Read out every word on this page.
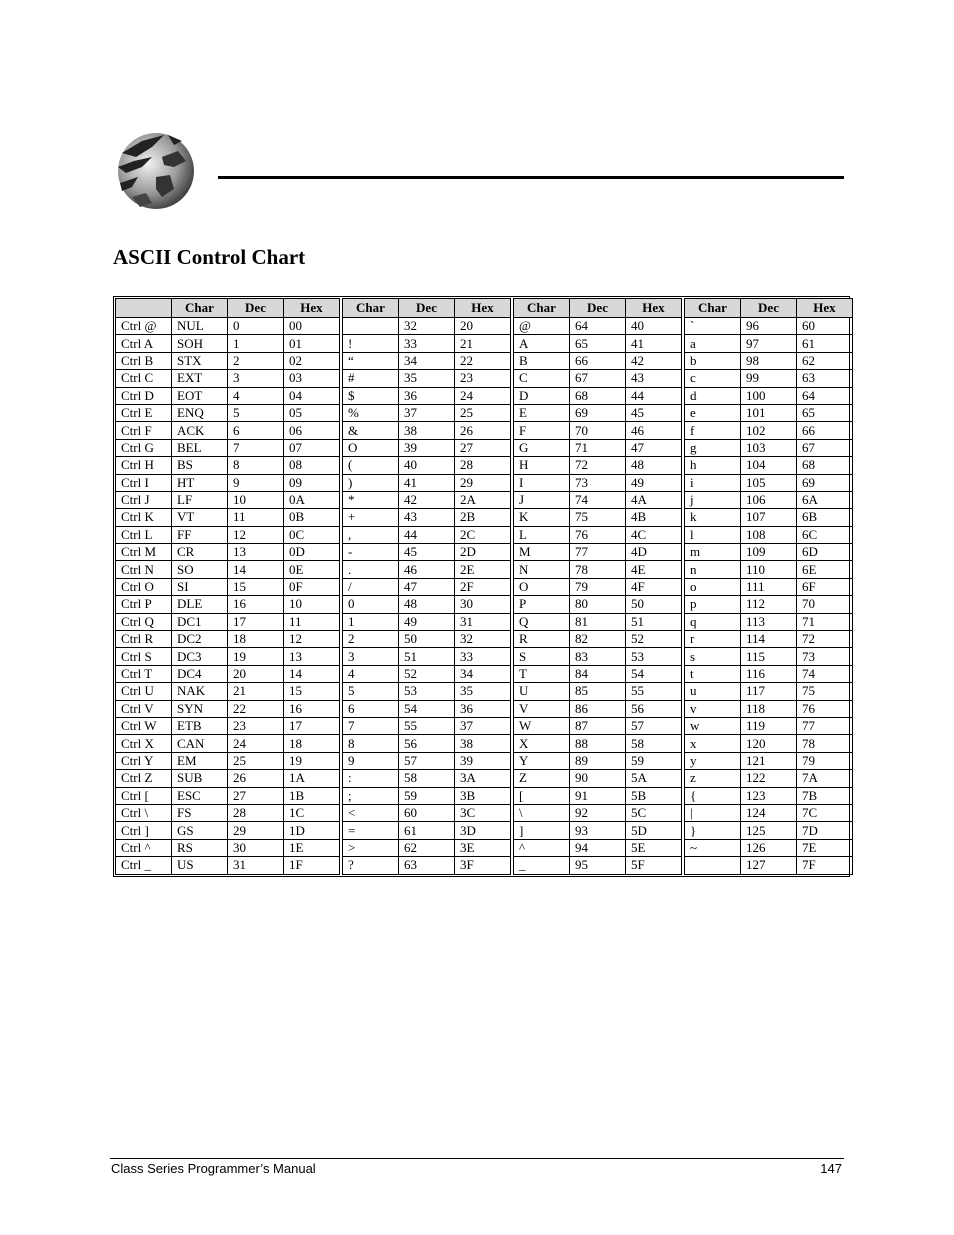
ASCII Control Chart
	Char	Dec	Hex		Char	Dec	Hex		Char	Dec	Hex		Char	Dec	Hex
Ctrl @	NUL	0	00			32	20		@	64	40		`	96	60
Ctrl A	SOH	1	01		!	33	21		A	65	41		a	97	61
Ctrl B	STX	2	02		“	34	22		B	66	42		b	98	62
Ctrl C	EXT	3	03		#	35	23		C	67	43		c	99	63
Ctrl D	EOT	4	04		$	36	24		D	68	44		d	100	64
Ctrl E	ENQ	5	05		%	37	25		E	69	45		e	101	65
Ctrl F	ACK	6	06		&	38	26		F	70	46		f	102	66
Ctrl G	BEL	7	07		O	39	27		G	71	47		g	103	67
Ctrl H	BS	8	08		(	40	28		H	72	48		h	104	68
Ctrl I	HT	9	09		)	41	29		I	73	49		i	105	69
Ctrl J	LF	10	0A		*	42	2A		J	74	4A		j	106	6A
Ctrl K	VT	11	0B		+	43	2B		K	75	4B		k	107	6B
Ctrl L	FF	12	0C		,	44	2C		L	76	4C		l	108	6C
Ctrl M	CR	13	0D		-	45	2D		M	77	4D		m	109	6D
Ctrl N	SO	14	0E		.	46	2E		N	78	4E		n	110	6E
Ctrl O	SI	15	0F		/	47	2F		O	79	4F		o	111	6F
Ctrl P	DLE	16	10		0	48	30		P	80	50		p	112	70
Ctrl Q	DC1	17	11		1	49	31		Q	81	51		q	113	71
Ctrl R	DC2	18	12		2	50	32		R	82	52		r	114	72
Ctrl S	DC3	19	13		3	51	33		S	83	53		s	115	73
Ctrl T	DC4	20	14		4	52	34		T	84	54		t	116	74
Ctrl U	NAK	21	15		5	53	35		U	85	55		u	117	75
Ctrl V	SYN	22	16		6	54	36		V	86	56		v	118	76
Ctrl W	ETB	23	17		7	55	37		W	87	57		w	119	77
Ctrl X	CAN	24	18		8	56	38		X	88	58		x	120	78
Ctrl Y	EM	25	19		9	57	39		Y	89	59		y	121	79
Ctrl Z	SUB	26	1A		:	58	3A		Z	90	5A		z	122	7A
Ctrl [	ESC	27	1B		;	59	3B		[	91	5B		{	123	7B
Ctrl \	FS	28	1C		<	60	3C		\	92	5C		|	124	7C
Ctrl ]	GS	29	1D		=	61	3D		]	93	5D		}	125	7D
Ctrl ^	RS	30	1E		>	62	3E		^	94	5E		~	126	7E
Ctrl _	US	31	1F		?	63	3F		_	95	5F			127	7F
Class Series Programmer’s Manual	147
